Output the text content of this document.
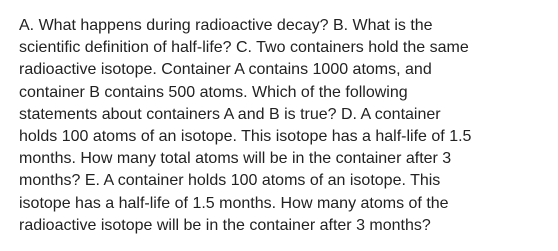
A. What happens during radioactive decay? B. What is the
scientific definition of half-life? C. Two containers hold the same
radioactive isotope. Container A contains 1000 atoms, and
container B contains 500 atoms. Which of the following
statements about containers A and B is true? D. A container
holds 100 atoms of an isotope. This isotope has a half-life of 1.5
months. How many total atoms will be in the container after 3
months? E. A container holds 100 atoms of an isotope. This
isotope has a half-life of 1.5 months. How many atoms of the
radioactive isotope will be in the container after 3 months?
